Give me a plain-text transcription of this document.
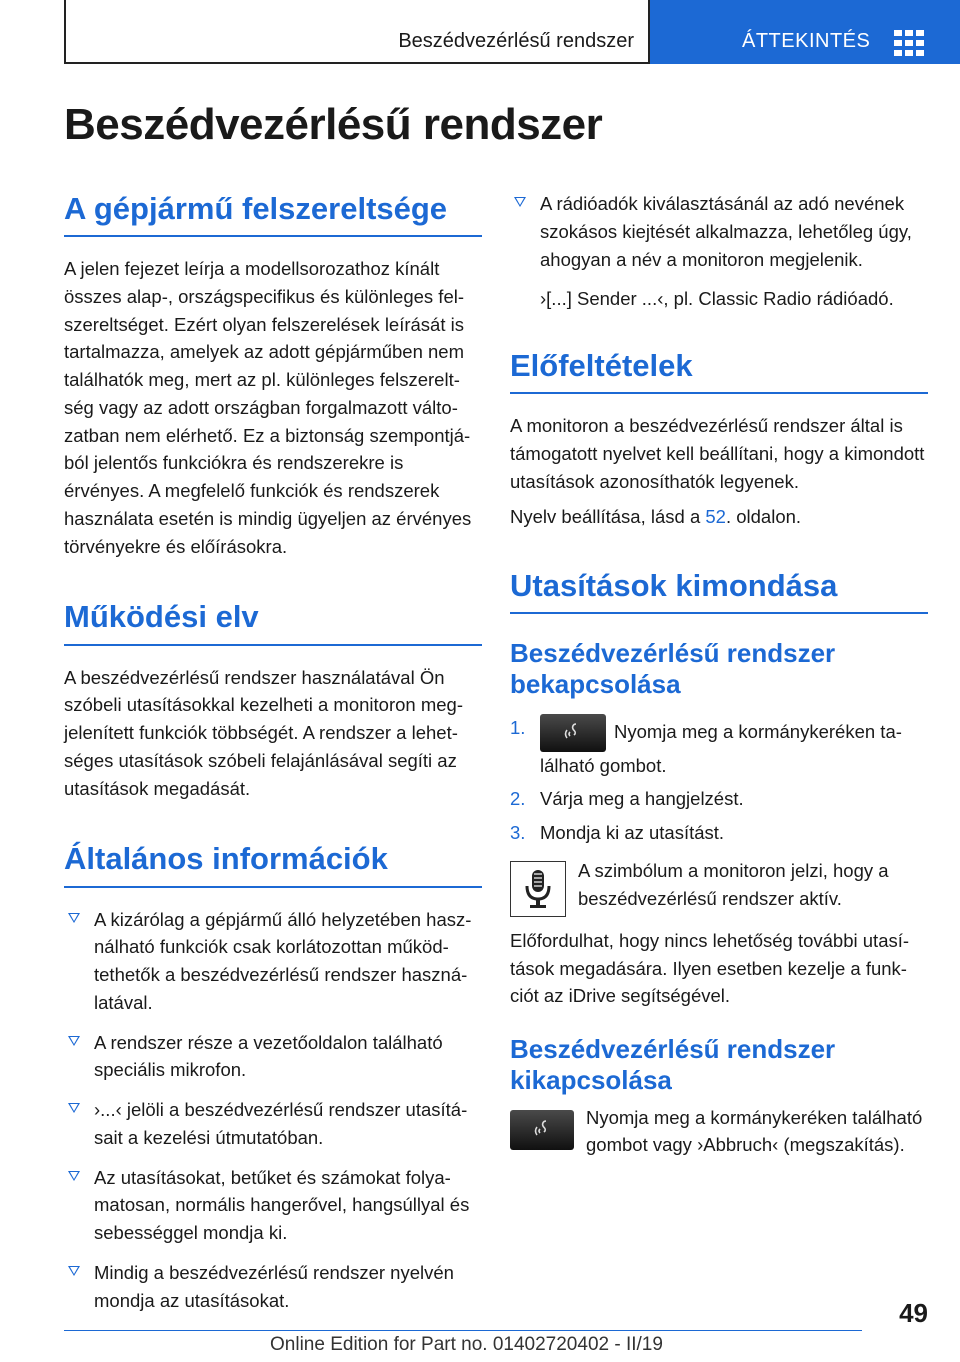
Beszédvezérlésű rendszer	ÁTTEKINTÉS
Beszédvezérlésű rendszer
A gépjármű felszereltsége

A jelen fejezet leírja a modellsorozathoz kínált összes alap-, országspecifikus és különleges felszereltséget. Ezért olyan felszerelések leírását is tartalmazza, amelyek az adott gépjárműben nem találhatók meg, mert az pl. különleges felszereltség vagy az adott országban forgalmazott változatban nem elérhető. Ez a biztonság szempontjából jelentős funkciókra és rendszerekre is érvényes. A megfelelő funkciók és rendszerek használata esetén is mindig ügyeljen az érvényes törvényekre és előírásokra.

Működési elv

A beszédvezérlésű rendszer használatával Ön szóbeli utasításokkal kezelheti a monitoron megjelenített funkciók többségét. A rendszer a lehetséges utasítások szóbeli felajánlásával segíti az utasítások megadását.

Általános információk
A kizárólag a gépjármű álló helyzetében használható funkciók csak korlátozottan működtethetők a beszédvezérlésű rendszer használatával.
A rendszer része a vezetőoldalon található speciális mikrofon.
›...‹ jelöli a beszédvezérlésű rendszer utasításait a kezelési útmutatóban.
Az utasításokat, betűket és számokat folyamatosan, normális hangerővel, hangsúllyal és sebességgel mondja ki.
Mindig a beszédvezérlésű rendszer nyelvén mondja az utasításokat.
A rádióadók kiválasztásánál az adó nevének szokásos kiejtését alkalmazza, lehetőleg úgy, ahogyan a név a monitoron megjelenik.

›[...] Sender ...‹, pl. Classic Radio rádióadó.

Előfeltételek

A monitoron a beszédvezérlésű rendszer által is támogatott nyelvet kell beállítani, hogy a kimondott utasítások azonosíthatók legyenek.

Nyelv beállítása, lásd a 52. oldalon.

Utasítások kimondása
Beszédvezérlésű rendszer bekapcsolása
1.	Nyomja meg a kormánykeréken található gombot.
2. Várja meg a hangjelzést.
3. Mondja ki az utasítást.
A szimbólum a monitoron jelzi, hogy a beszédvezérlésű rendszer aktív.

Előfordulhat, hogy nincs lehetőség további utasítások megadására. Ilyen esetben kezelje a funkciót az iDrive segítségével.

Beszédvezérlésű rendszer kikapcsolása
Nyomja meg a kormánykeréken található gombot vagy ›Abbruch‹ (megszakítás).
49
Online Edition for Part no. 01402720402 - II/19
